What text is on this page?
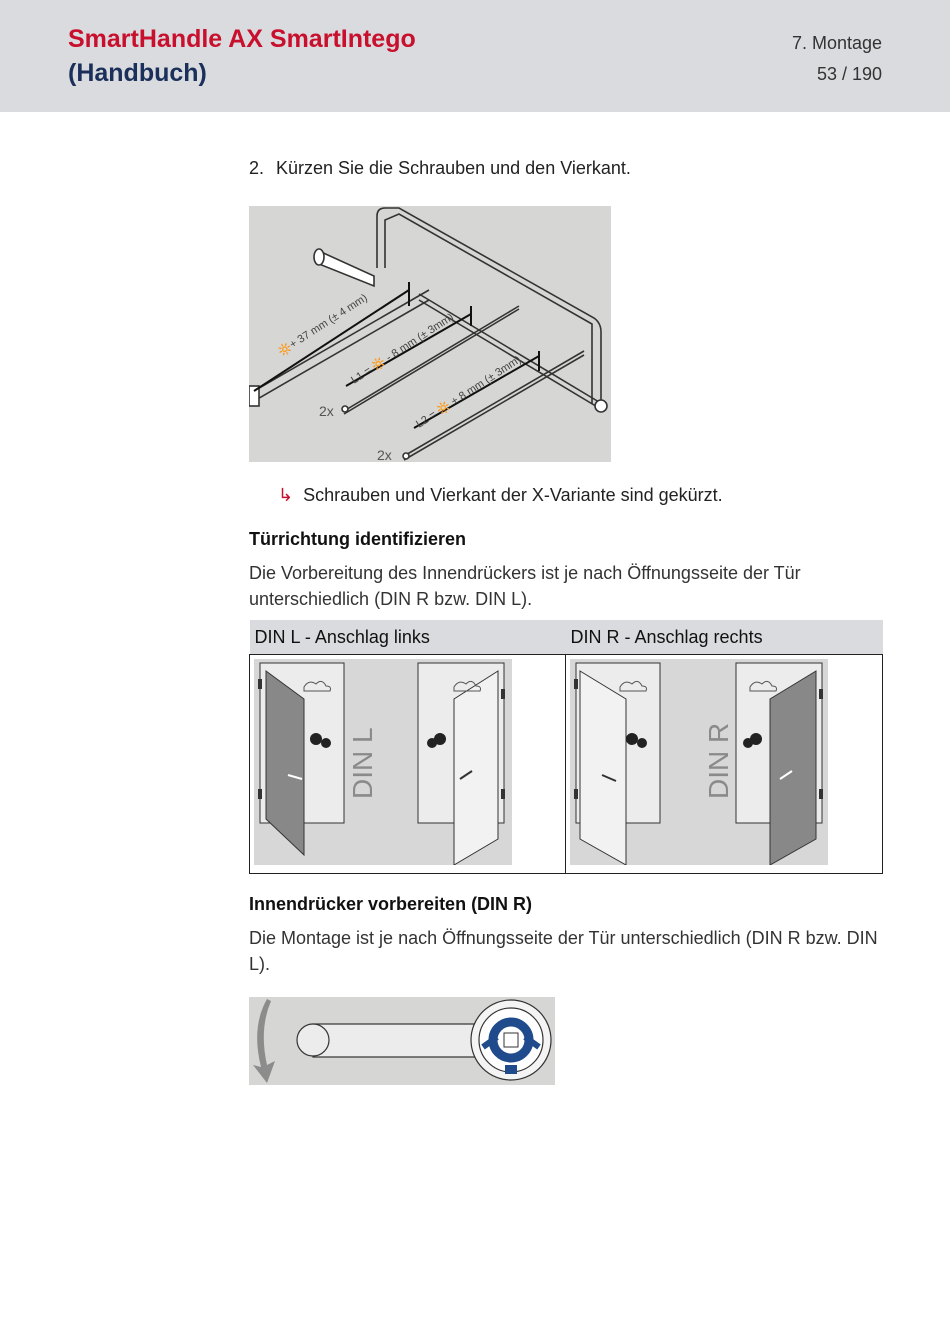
SmartHandle AX SmartIntego
(Handbuch)
7. Montage
53 / 190
2. Kürzen Sie die Schrauben und den Vierkant.
🔆+ 37 mm (± 4 mm)
L1 = 🔆 - 8 mm (± 3mm)
L2 = 🔆 + 8 mm (± 3mm)
2x
2x
↳ Schrauben und Vierkant der X-Variante sind gekürzt.
Türrichtung identifizieren
Die Vorbereitung des Innendrückers ist je nach Öffnungsseite der Tür unterschiedlich (DIN R bzw. DIN L).
DIN L - Anschlag links	DIN R - Anschlag rechts

DIN L	DIN R
Innendrücker vorbereiten (DIN R)
Die Montage ist je nach Öffnungsseite der Tür unterschiedlich (DIN R bzw. DIN L).
